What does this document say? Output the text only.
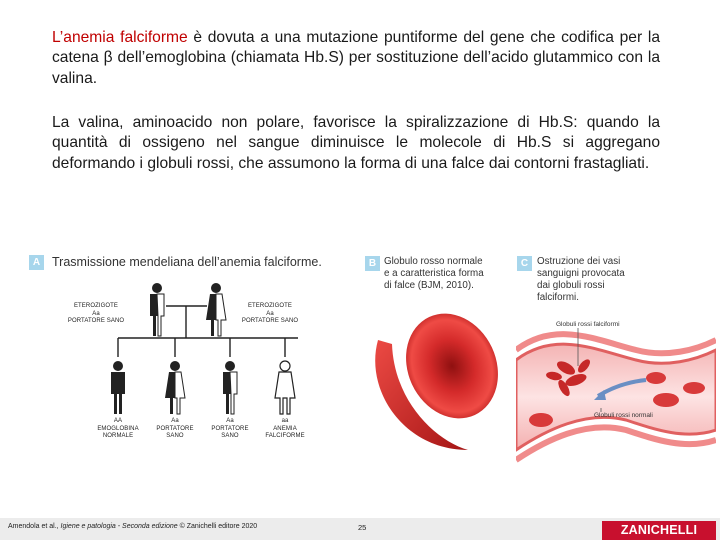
L’anemia falciforme è dovuta a una mutazione puntiforme del gene che codifica per la catena β dell’emoglobina (chiamata Hb.S) per sostituzione dell’acido glutammico con la valina.

La valina, aminoacido non polare, favorisce la spiralizzazione di Hb.S: quando la quantità di ossigeno nel sangue diminuisce le molecole di Hb.S si aggregano deformando i globuli rossi, che assumono la forma di una falce dai contorni frastagliati.

A Trasmissione mendeliana dell’anemia falciforme.
ETEROZIGOTE
Aa
PORTATORE SANO
ETEROZIGOTE
Aa
PORTATORE SANO
AA
EMOGLOBINA
NORMALE
Aa
PORTATORE
SANO
Aa
PORTATORE
SANO
aa
ANEMIA
FALCIFORME
B Globulo rosso normale
e a caratteristica forma
di falce (BJM, 2010).
C Ostruzione dei vasi
sanguigni provocata
dai globuli rossi
falciformi.
Globuli rossi falciformi
Globuli rossi normali
Amendola et al., Igiene e patologia - Seconda edizione © Zanichelli editore 2020	25	ZANICHELLI
